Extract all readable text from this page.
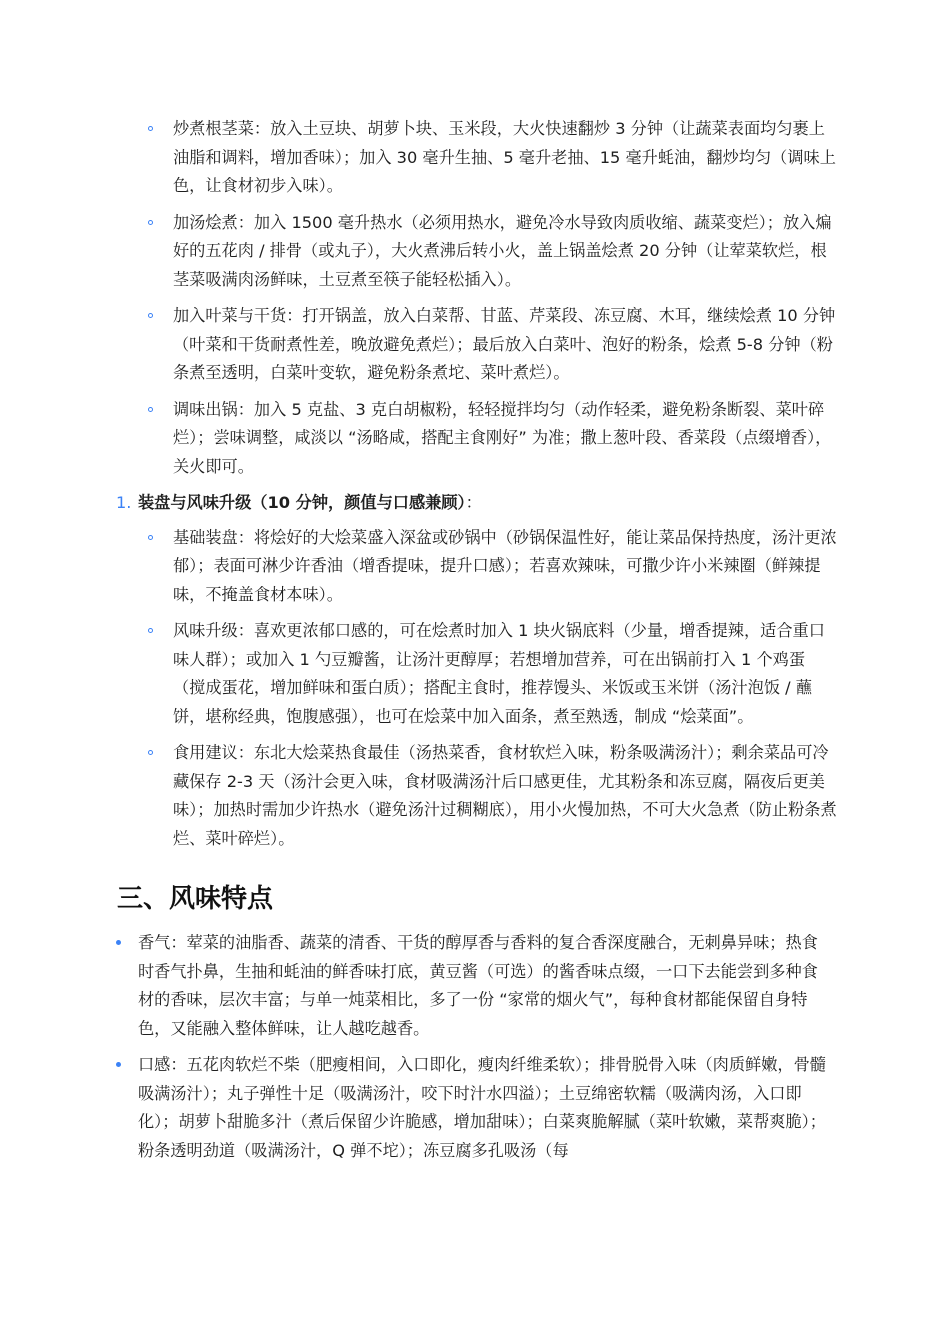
炒煮根茎菜：放入土豆块、胡萝卜块、玉米段，大火快速翻炒 3 分钟（让蔬菜表面均匀裹上油脂和调料，增加香味）；加入 30 毫升生抽、5 毫升老抽、15 毫升蚝油，翻炒均匀（调味上色，让食材初步入味）。
加汤烩煮：加入 1500 毫升热水（必须用热水，避免冷水导致肉质收缩、蔬菜变烂）；放入煸好的五花肉 / 排骨（或丸子），大火煮沸后转小火，盖上锅盖烩煮 20 分钟（让荤菜软烂，根茎菜吸满肉汤鲜味，土豆煮至筷子能轻松插入）。
加入叶菜与干货：打开锅盖，放入白菜帮、甘蓝、芹菜段、冻豆腐、木耳，继续烩煮 10 分钟（叶菜和干货耐煮性差，晚放避免煮烂）；最后放入白菜叶、泡好的粉条，烩煮 5-8 分钟（粉条煮至透明，白菜叶变软，避免粉条煮坨、菜叶煮烂）。
调味出锅：加入 5 克盐、3 克白胡椒粉，轻轻搅拌均匀（动作轻柔，避免粉条断裂、菜叶碎烂）；尝味调整，咸淡以 “汤略咸，搭配主食刚好” 为准；撒上葱叶段、香菜段（点缀增香），关火即可。
1. 装盘与风味升级（10 分钟，颜值与口感兼顾）：
基础装盘：将烩好的大烩菜盛入深盆或砂锅中（砂锅保温性好，能让菜品保持热度，汤汁更浓郁）；表面可淋少许香油（增香提味，提升口感）；若喜欢辣味，可撒少许小米辣圈（鲜辣提味，不掩盖食材本味）。
风味升级：喜欢更浓郁口感的，可在烩煮时加入 1 块火锅底料（少量，增香提辣，适合重口味人群）；或加入 1 勺豆瓣酱，让汤汁更醇厚；若想增加营养，可在出锅前打入 1 个鸡蛋（搅成蛋花，增加鲜味和蛋白质）；搭配主食时，推荐馒头、米饭或玉米饼（汤汁泡饭 / 蘸饼，堪称经典，饱腹感强），也可在烩菜中加入面条，煮至熟透，制成 “烩菜面”。
食用建议：东北大烩菜热食最佳（汤热菜香，食材软烂入味，粉条吸满汤汁）；剩余菜品可冷藏保存 2-3 天（汤汁会更入味，食材吸满汤汁后口感更佳，尤其粉条和冻豆腐，隔夜后更美味）；加热时需加少许热水（避免汤汁过稠糊底），用小火慢加热，不可大火急煮（防止粉条煮烂、菜叶碎烂）。
三、风味特点
香气：荤菜的油脂香、蔬菜的清香、干货的醇厚香与香料的复合香深度融合，无刺鼻异味；热食时香气扑鼻，生抽和蚝油的鲜香味打底，黄豆酱（可选）的酱香味点缀，一口下去能尝到多种食材的香味，层次丰富；与单一炖菜相比，多了一份 “家常的烟火气”，每种食材都能保留自身特色，又能融入整体鲜味，让人越吃越香。
口感：五花肉软烂不柴（肥瘦相间，入口即化，瘦肉纤维柔软）；排骨脱骨入味（肉质鲜嫩，骨髓吸满汤汁）；丸子弹性十足（吸满汤汁，咬下时汁水四溢）；土豆绵密软糯（吸满肉汤，入口即化）；胡萝卜甜脆多汁（煮后保留少许脆感，增加甜味）；白菜爽脆解腻（菜叶软嫩，菜帮爽脆）；粉条透明劲道（吸满汤汁，Q 弹不坨）；冻豆腐多孔吸汤（每
